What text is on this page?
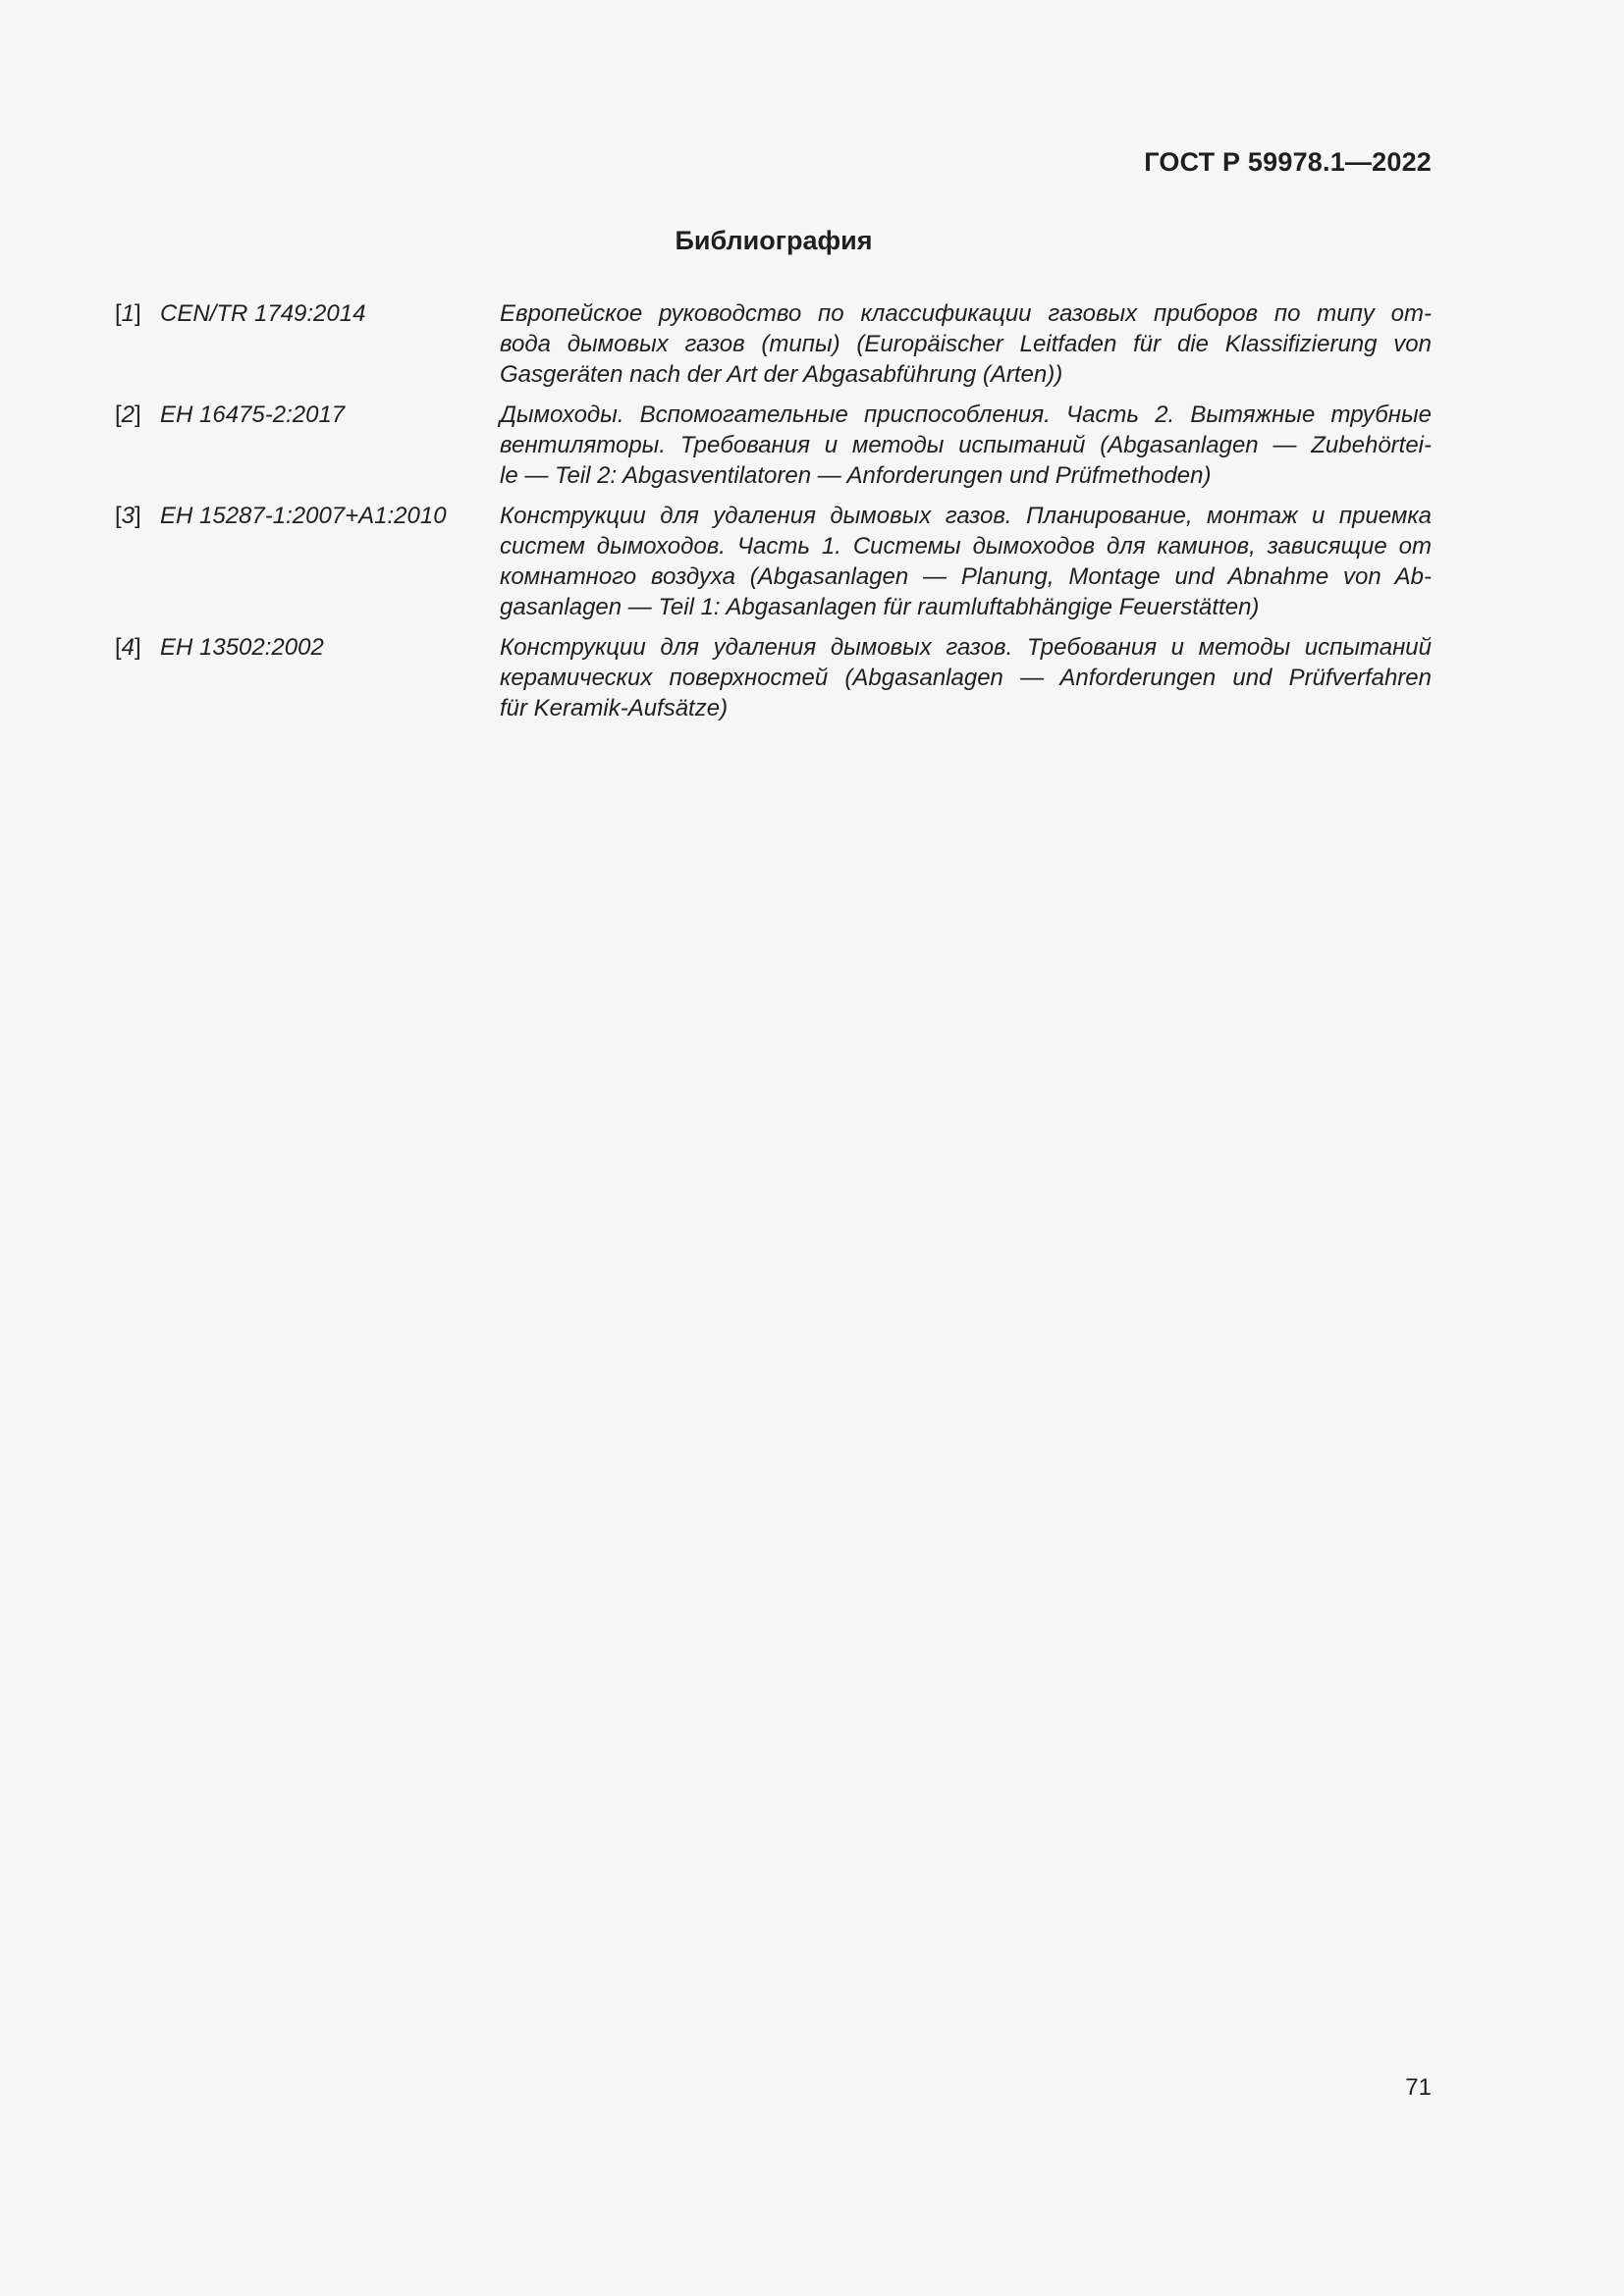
ГОСТ Р 59978.1—2022
Библиография
[1] CEN/TR 1749:2014	Европейское руководство по классификации газовых приборов по типу от-
вода дымовых газов (типы) (Europäischer Leitfaden für die Klassifizierung von
Gasgeräten nach der Art der Abgasabführung (Arten))
[2] ЕН 16475-2:2017	Дымоходы. Вспомогательные приспособления. Часть 2. Вытяжные трубные
вентиляторы. Требования и методы испытаний (Abgasanlagen — Zubehörtei-
le — Teil 2: Abgasventilatoren — Anforderungen und Prüfmethoden)
[3] ЕН 15287-1:2007+A1:2010	Конструкции для удаления дымовых газов. Планирование, монтаж и приемка
систем дымоходов. Часть 1. Системы дымоходов для каминов, зависящие от
комнатного воздуха (Abgasanlagen — Planung, Montage und Abnahme von Ab-
gasanlagen — Teil 1: Abgasanlagen für raumluftabhängige Feuerstätten)
[4] ЕН 13502:2002	Конструкции для удаления дымовых газов. Требования и методы испытаний
керамических поверхностей (Abgasanlagen — Anforderungen und Prüfverfahren
für Keramik-Aufsätze)
71
